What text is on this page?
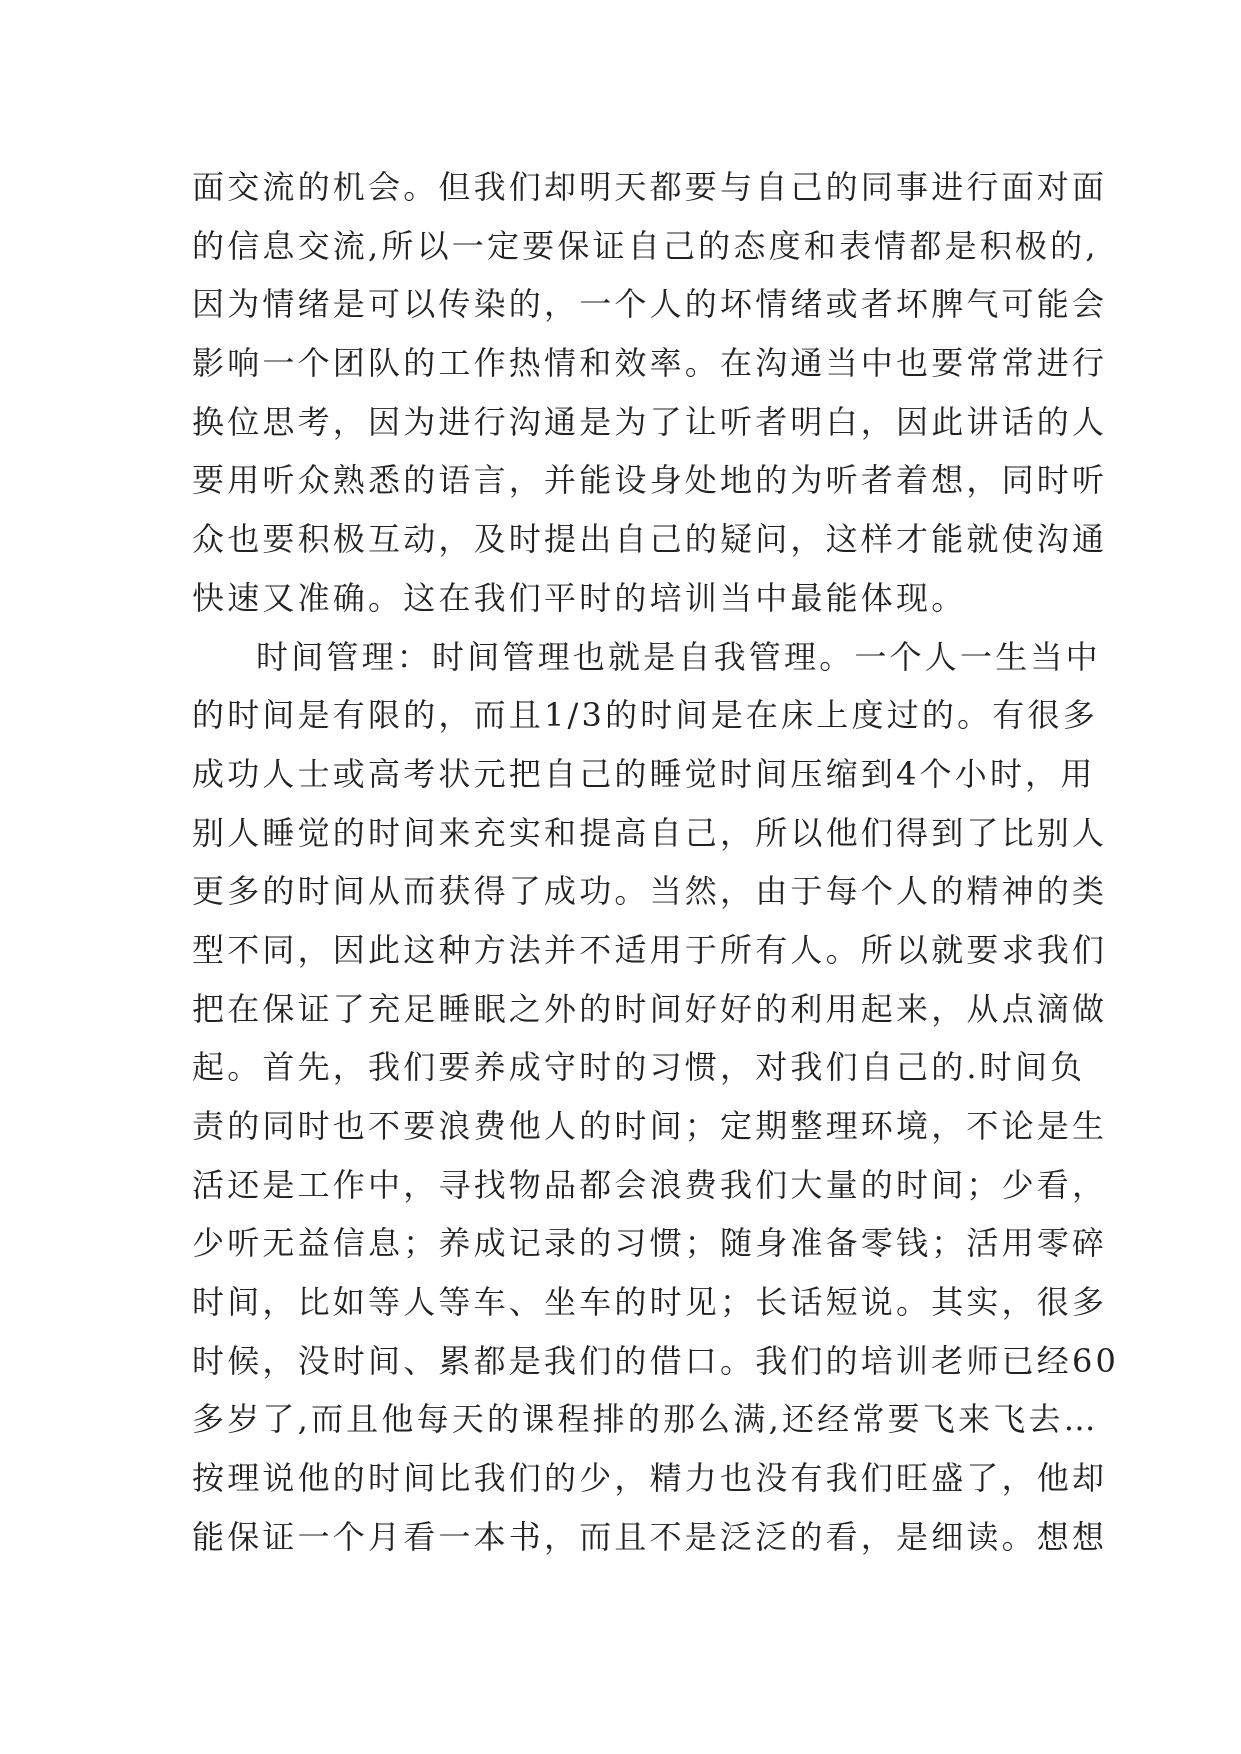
面交流的机会。但我们却明天都要与自己的同事进行面对面
的信息交流,所以一定要保证自己的态度和表情都是积极的,
因为情绪是可以传染的，一个人的坏情绪或者坏脾气可能会
影响一个团队的工作热情和效率。在沟通当中也要常常进行
换位思考，因为进行沟通是为了让听者明白，因此讲话的人
要用听众熟悉的语言，并能设身处地的为听者着想，同时听
众也要积极互动，及时提出自己的疑问，这样才能就使沟通
快速又准确。这在我们平时的培训当中最能体现。
时间管理：时间管理也就是自我管理。一个人一生当中
的时间是有限的，而且1/3的时间是在床上度过的。有很多
成功人士或高考状元把自己的睡觉时间压缩到4个小时，用
别人睡觉的时间来充实和提高自己，所以他们得到了比别人
更多的时间从而获得了成功。当然，由于每个人的精神的类
型不同，因此这种方法并不适用于所有人。所以就要求我们
把在保证了充足睡眠之外的时间好好的利用起来，从点滴做
起。首先，我们要养成守时的习惯，对我们自己的.时间负
责的同时也不要浪费他人的时间；定期整理环境，不论是生
活还是工作中，寻找物品都会浪费我们大量的时间；少看，
少听无益信息；养成记录的习惯；随身准备零钱；活用零碎
时间，比如等人等车、坐车的时见；长话短说。其实，很多
时候，没时间、累都是我们的借口。我们的培训老师已经60
多岁了,而且他每天的课程排的那么满,还经常要飞来飞去…
按理说他的时间比我们的少，精力也没有我们旺盛了，他却
能保证一个月看一本书，而且不是泛泛的看，是细读。想想
